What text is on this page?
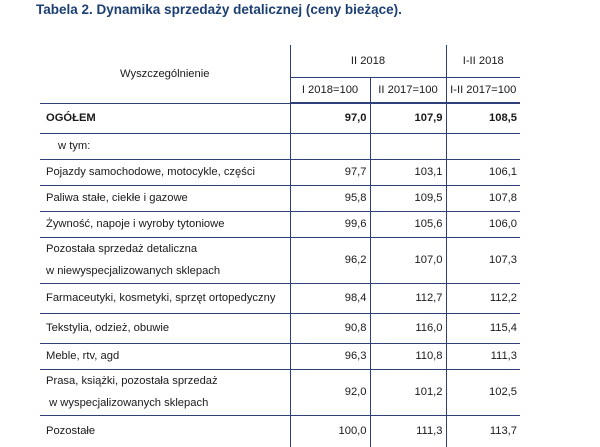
Tabela 2. Dynamika sprzedaży detalicznej (ceny bieżące).
Wyszczególnienie	II 2018		I-II 2018
	I 2018=100	II 2017=100	I-II 2017=100
OGÓŁEM	97,0	107,9	108,5
w tym:			
Pojazdy samochodowe, motocykle, części	97,7	103,1	106,1
Paliwa stałe, ciekłe i gazowe	95,8	109,5	107,8
Żywność, napoje i wyroby tytoniowe	99,6	105,6	106,0

Pozostała sprzedaż detaliczna
w niewyspecjalizowanych sklepach	96,2	107,0	107,3
Farmaceutyki, kosmetyki, sprzęt ortopedyczny	98,4	112,7	112,2
Tekstylia, odzież, obuwie	90,8	116,0	115,4
Meble, rtv, agd	96,3	110,8	111,3

Prasa, książki, pozostała sprzedaż
w wyspecjalizowanych sklepach	92,0	101,2	102,5
Pozostałe	100,0	111,3	113,7
